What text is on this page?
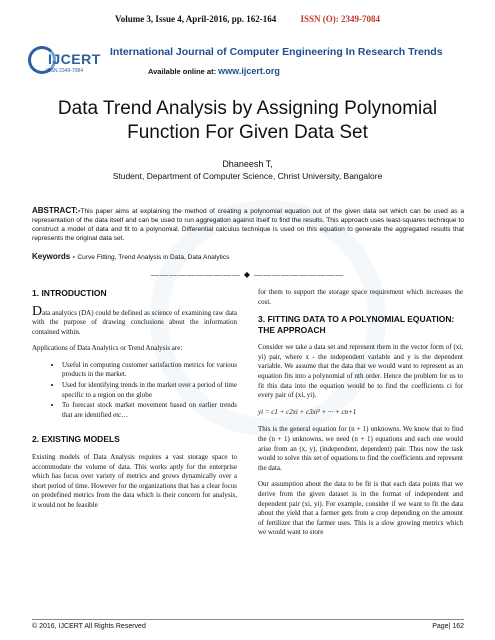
Volume 3, Issue 4, April-2016, pp. 162-164	ISSN (O): 2349-7084
IJCERT
ISSN 2349-7084
International Journal of Computer Engineering In Research Trends
Available online at: www.ijcert.org
Data Trend Analysis by Assigning Polynomial Function For Given Data Set
Dhaneesh T,
Student, Department of Computer Science, Christ University, Bangalore
ABSTRACT:-This paper aims at explaining the method of creating a polynomial equation out of the given data set which can be used as a representation of the data itself and can be used to run aggregation against itself to find the results. This approach uses least-squares technique to construct a model of data and fit to a polynomial. Differential calculus technique is used on this equation to generate the aggregated results that represents the original data set.
Keywords - Curve Fitting, Trend Analysis in Data, Data Analytics
—————————— ◆ ——————————
1. INTRODUCTION

Data analytics (DA) could be defined as science of examining raw data with the purpose of drawing conclusions about the information contained within.

Applications of Data Analytics or Trend Analysis are:

• Useful in computing customer satisfaction metrics for various products in the market.
• Used for identifying trends in the market over a period of time specific to a region on the globe
• To forecast stock market movement based on earlier trends that are identified etc…
2. EXISTING MODELS

Existing models of Data Analysis requires a vast storage space to accommodate the volume of data. This works aptly for the enterprise which has focus over variety of metrics and grows dynamically over a short period of time. However for the organizations that has a clear focus on predefined metrics from the data which is their concern for analysis, it would not be feasible

for them to support the storage space requirement which increases the cost.

3. FITTING DATA TO A POLYNOMIAL EQUATION: THE APPROACH

Consider we take a data set and represent them in the vector form of (xi, yi) pair, where x - the independent variable and y is the dependent variable. We assume that the data that we would want to represent as an equation fits into a polynomial of nth order. Hence the problem for us to fit this data into the equation would be to find the coefficients ci for every pair of (xi, yi).

yi = c1 + c2xi + c3xi² + ··· + cn+1

This is the general equation for (n + 1) unknowns. We know that to find the (n + 1) unknowns, we need (n + 1) equations and each one would arise from an (x, y), (independent, dependent) pair. Thus now the task would to solve this set of equations to find the coefficients and represent the data.

Our assumption about the data to be fit is that each data points that we derive from the given dataset is in the format of independent and dependent pair (xi, yi). For example, consider if we want to fit the data about the yield that a farmer gets from a crop depending on the amount of fertilizer that the farmer uses. This is a slow growing metrics which we would want to store

© 2016, IJCERT All Rights Reserved	Page| 162
